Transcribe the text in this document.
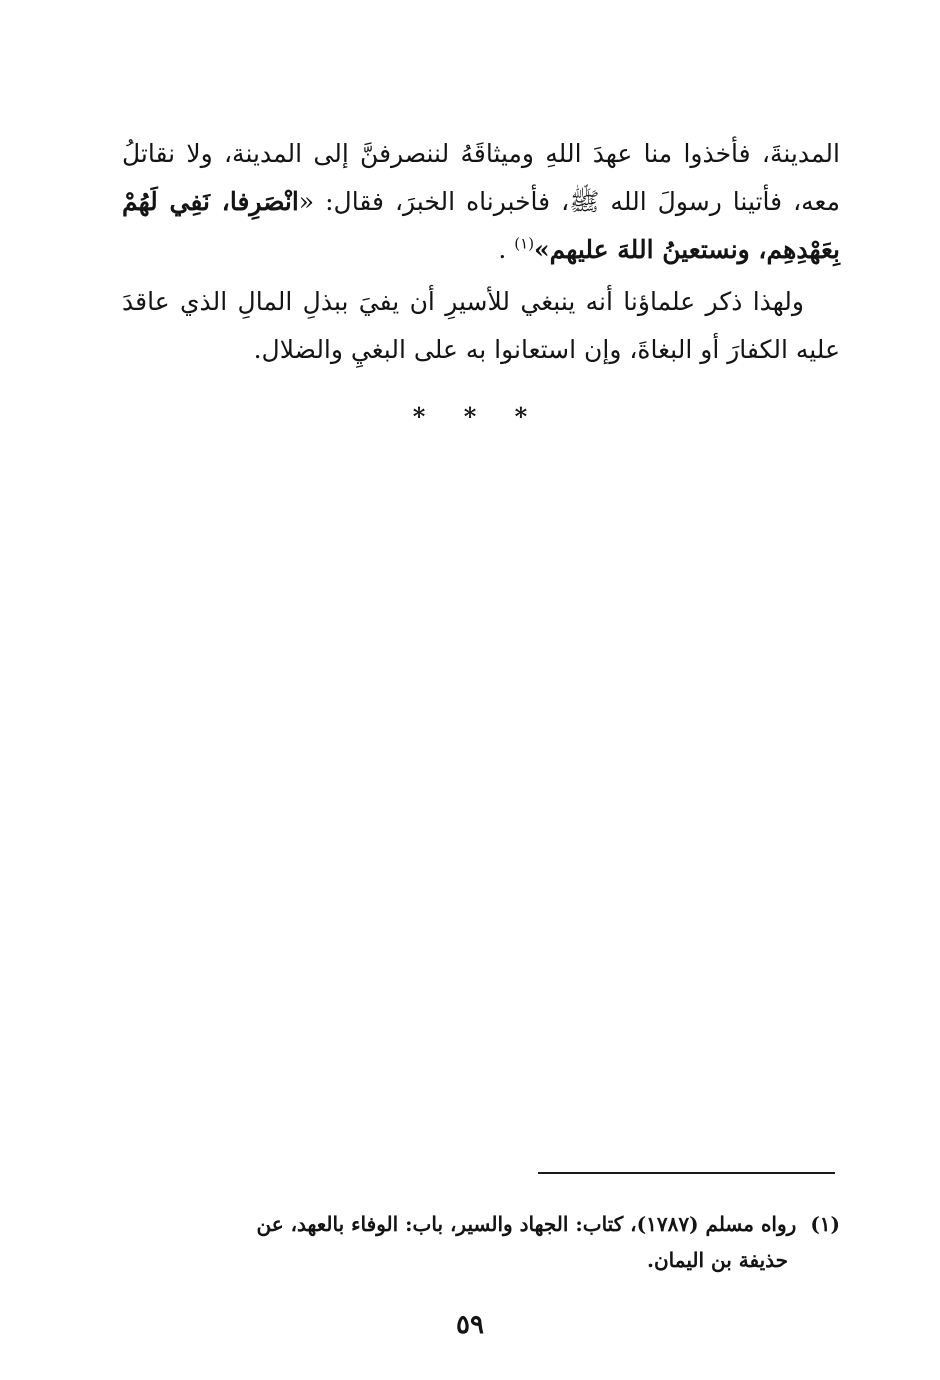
المدينةَ، فأخذوا منا عهدَ اللهِ وميثاقَهُ لننصرفنَّ إلى المدينة، ولا نقاتلُ معه، فأتينا رسولَ الله ﷺ، فأخبرناه الخبرَ، فقال: «انْصَرِفا، نَفِي لَهُمْ بِعَهْدِهِم، ونستعينُ اللهَ عليهم»$^{(١)}$ .

ولهذا ذكر علماؤنا أنه ينبغي للأسيرِ أن يفيَ ببذلِ المالِ الذي عاقدَ عليه الكفارَ أو البغاةَ، وإن استعانوا به على البغيِ والضلال.

* * *

(١)رواه مسلم (١٧٨٧)، كتاب: الجهاد والسير، باب: الوفاء بالعهد، عن

حذيفة بن اليمان.

٥٩
